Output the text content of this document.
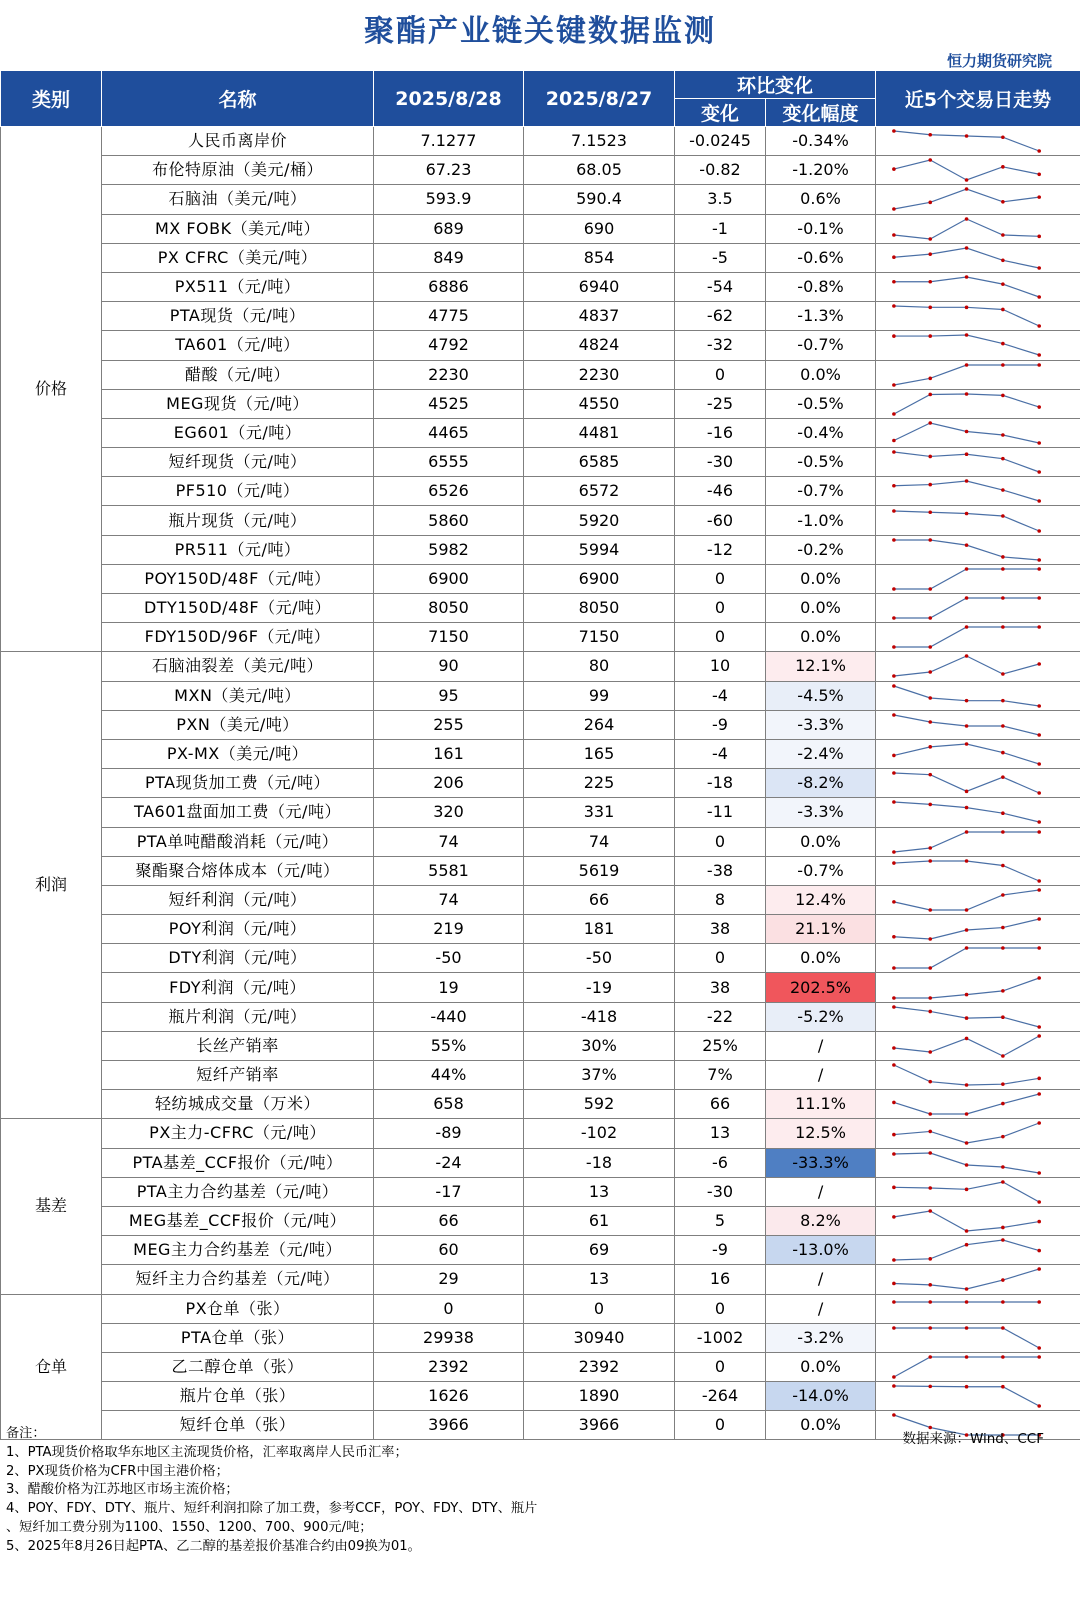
聚酯产业链关键数据监测
恒力期货研究院
类别	名称	2025/8/28	2025/8/27	环比变化		近5个交易日走势
				变化	变化幅度	
价格	人民币离岸价	7.1277	7.1523	-0.0245	-0.34%	

	布伦特原油（美元/桶）	67.23	68.05	-0.82	-1.20%	

	石脑油（美元/吨）	593.9	590.4	3.5	0.6%	

	MX FOBK（美元/吨）	689	690	-1	-0.1%	

	PX CFRC（美元/吨）	849	854	-5	-0.6%	

	PX511（元/吨）	6886	6940	-54	-0.8%	

	PTA现货（元/吨）	4775	4837	-62	-1.3%	

	TA601（元/吨）	4792	4824	-32	-0.7%	

	醋酸（元/吨）	2230	2230	0	0.0%	

	MEG现货（元/吨）	4525	4550	-25	-0.5%	

	EG601（元/吨）	4465	4481	-16	-0.4%	

	短纤现货（元/吨）	6555	6585	-30	-0.5%	

	PF510（元/吨）	6526	6572	-46	-0.7%	

	瓶片现货（元/吨）	5860	5920	-60	-1.0%	

	PR511（元/吨）	5982	5994	-12	-0.2%	

	POY150D/48F（元/吨）	6900	6900	0	0.0%	

	DTY150D/48F（元/吨）	8050	8050	0	0.0%	

	FDY150D/96F（元/吨）	7150	7150	0	0.0%	

利润	石脑油裂差（美元/吨）	90	80	10	12.1%	

	MXN（美元/吨）	95	99	-4	-4.5%	

	PXN（美元/吨）	255	264	-9	-3.3%	

	PX-MX（美元/吨）	161	165	-4	-2.4%	

	PTA现货加工费（元/吨）	206	225	-18	-8.2%	

	TA601盘面加工费（元/吨）	320	331	-11	-3.3%	

	PTA单吨醋酸消耗（元/吨）	74	74	0	0.0%	

	聚酯聚合熔体成本（元/吨）	5581	5619	-38	-0.7%	

	短纤利润（元/吨）	74	66	8	12.4%	

	POY利润（元/吨）	219	181	38	21.1%	

	DTY利润（元/吨）	-50	-50	0	0.0%	

	FDY利润（元/吨）	19	-19	38	202.5%	

	瓶片利润（元/吨）	-440	-418	-22	-5.2%	

	长丝产销率	55%	30%	25%	/	

	短纤产销率	44%	37%	7%	/	

	轻纺城成交量（万米）	658	592	66	11.1%	

基差	PX主力-CFRC（元/吨）	-89	-102	13	12.5%	

	PTA基差_CCF报价（元/吨）	-24	-18	-6	-33.3%	

	PTA主力合约基差（元/吨）	-17	13	-30	/	

	MEG基差_CCF报价（元/吨）	66	61	5	8.2%	

	MEG主力合约基差（元/吨）	60	69	-9	-13.0%	

	短纤主力合约基差（元/吨）	29	13	16	/	

仓单	PX仓单（张）	0	0	0	/	

	PTA仓单（张）	29938	30940	-1002	-3.2%	

	乙二醇仓单（张）	2392	2392	0	0.0%	

	瓶片仓单（张）	1626	1890	-264	-14.0%	

	短纤仓单（张）	3966	3966	0	0.0%	
备注：
1、PTA现货价格取华东地区主流现货价格，汇率取离岸人民币汇率；
2、PX现货价格为CFR中国主港价格；
3、醋酸价格为江苏地区市场主流价格；
4、POY、FDY、DTY、瓶片、短纤利润扣除了加工费，参考CCF，POY、FDY、DTY、瓶片
、短纤加工费分别为1100、1550、1200、700、900元/吨；
5、2025年8月26日起PTA、乙二醇的基差报价基准合约由09换为01。
数据来源：Wind、CCF
